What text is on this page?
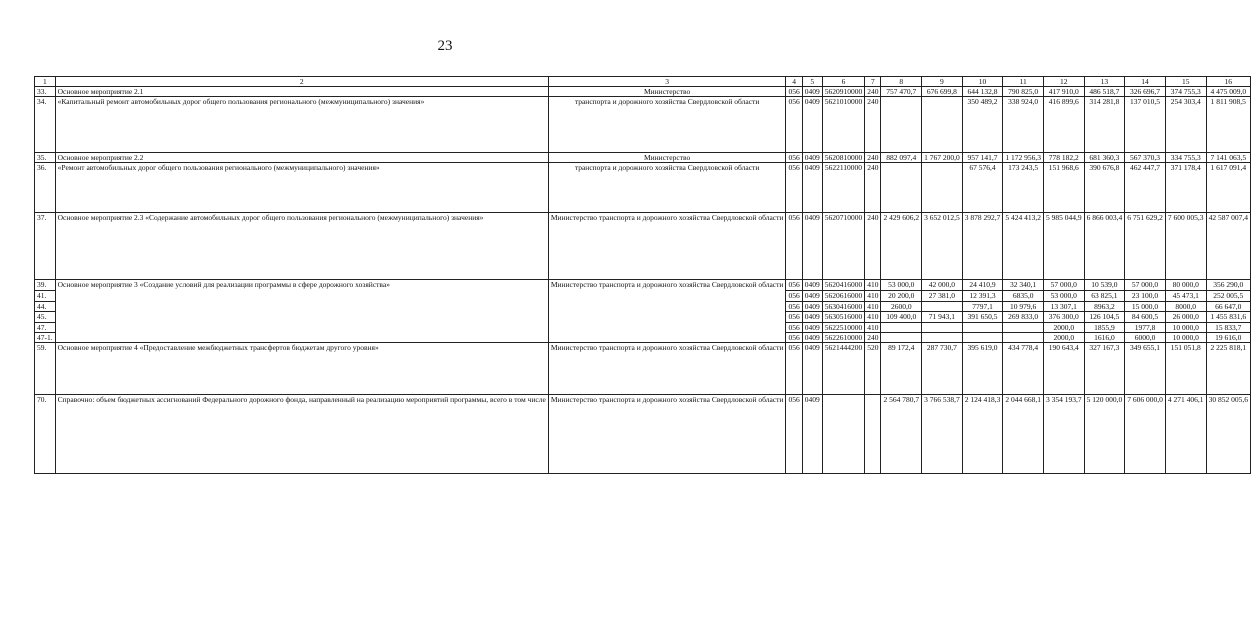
23
1	2	3	4	5	6	7	8	9	10	11	12	13	14	15	16
33.	Основное мероприятие 2.1	Министерство	056	0409	5620910000	240	757 470,7	676 699,8	644 132,8	790 825,0	417 910,0	486 518,7	326 696,7	374 755,3	4 475 009,0
34.	«Капитальный ремонт автомобильных дорог общего пользования регионального (межмуниципального) значения»	транспорта и дорожного хозяйства Свердловской области	056	0409	5621010000	240			350 489,2	338 924,0	416 899,6	314 281,8	137 010,5	254 303,4	1 811 908,5
35.	Основное мероприятие 2.2	Министерство	056	0409	5620810000	240	882 097,4	1 767 200,0	957 141,7	1 172 956,3	778 182,2	681 360,3	567 370,3	334 755,3	7 141 063,5
36.	«Ремонт автомобильных дорог общего пользования регионального (межмуниципального) значения»	транспорта и дорожного хозяйства Свердловской области	056	0409	5622110000	240			67 576,4	173 243,5	151 968,6	390 676,8	462 447,7	371 178,4	1 617 091,4
37.	Основное мероприятие 2.3 «Содержание автомобильных дорог общего пользования регионального (межмуниципального) значения»	Министерство транспорта и дорожного хозяйства Свердловской области	056	0409	5620710000	240	2 429 606,2	3 652 012,5	3 878 292,7	5 424 413,2	5 985 044,9	6 866 003,4	6 751 629,2	7 600 005,3	42 587 007,4
39.	Основное мероприятие 3 «Создание условий для реализации программы в сфере дорожного хозяйства»	Министерство транспорта и дорожного хозяйства Свердловской области	056	0409	5620416000	410	53 000,0	42 000,0	24 410,9	32 340,1	57 000,0	10 539,0	57 000,0	80 000,0	356 290,0
41.			056	0409	5620616000	410	20 200,0	27 381,0	12 391,3	6835,0	53 000,0	63 825,1	23 100,0	45 473,1	252 005,5
44.			056	0409	5630416000	410	2600,0		7797,1	10 979,6	13 307,1	8963,2	15 000,0	8000,0	66 647,0
45.			056	0409	5630516000	410	109 400,0	71 943,1	391 650,5	269 833,0	376 300,0	126 104,5	84 600,5	26 000,0	1 455 831,6
47.			056	0409	5622510000	410					2000,0	1855,9	1977,8	10 000,0	15 833,7
47-1.			056	0409	5622610000	240					2000,0	1616,0	6000,0	10 000,0	19 616,0
59.	Основное мероприятие 4 «Предоставление межбюджетных трансфертов бюджетам другого уровня»	Министерство транспорта и дорожного хозяйства Свердловской области	056	0409	5621444200	520	89 172,4	287 730,7	395 619,0	434 778,4	190 643,4	327 167,3	349 655,1	151 051,8	2 225 818,1
70.	Справочно: объем бюджетных ассигнований Федерального дорожного фонда, направленный на реализацию мероприятий программы, всего в том числе	Министерство транспорта и дорожного хозяйства Свердловской области	056	0409			2 564 780,7	3 766 538,7	2 124 418,3	2 044 668,1	3 354 193,7	5 120 000,0	7 606 000,0	4 271 406,1	30 852 005,6
